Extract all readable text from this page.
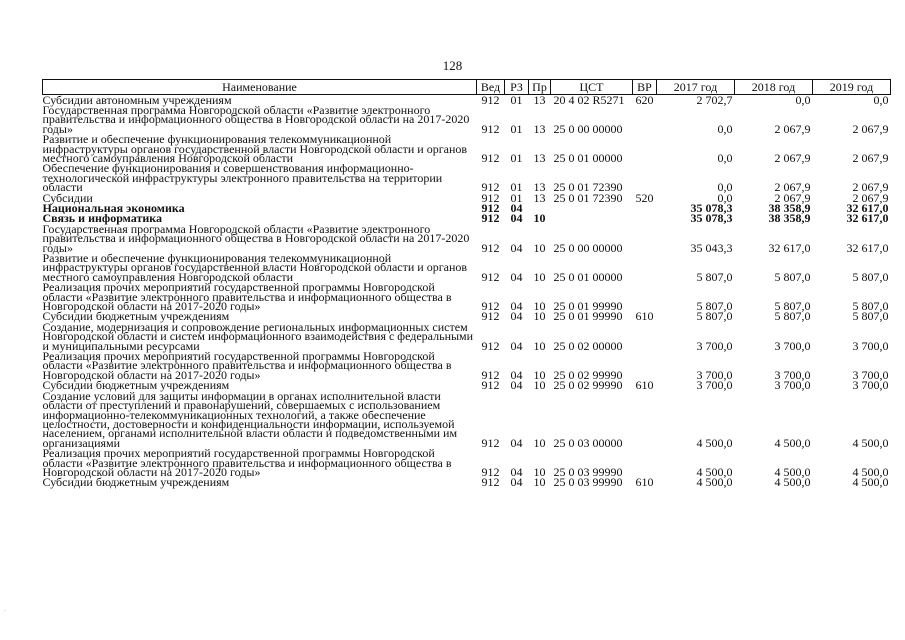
128
Наименование	Вед	РЗ	Пр	ЦСТ	ВР	2017 год	2018 год	2019 год
Субсидии автономным учреждениям	912	01	13	20 4 02 R5271	620	2 702,7	0,0	0,0
Государственная программа Новгородской области «Развитие электронного правительства и информационного общества в Новгородской области на 2017-2020 годы»	912	01	13	25 0 00 00000		0,0	2 067,9	2 067,9
Развитие и обеспечение функционирования телекоммуникационной инфраструктуры органов государственной власти Новгородской области и органов местного самоуправления Новгородской области	912	01	13	25 0 01 00000		0,0	2 067,9	2 067,9
Обеспечение функционирования и совершенствования информационно- технологической инфраструктуры электронного правительства на территории области	912	01	13	25 0 01 72390		0,0	2 067,9	2 067,9
Субсидии	912	01	13	25 0 01 72390	520	0,0	2 067,9	2 067,9
Национальная экономика	912	04				35 078,3	38 358,9	32 617,0
Связь и информатика	912	04	10			35 078,3	38 358,9	32 617,0
Государственная программа Новгородской области «Развитие электронного правительства и информационного общества в Новгородской области на 2017-2020 годы»	912	04	10	25 0 00 00000		35 043,3	32 617,0	32 617,0
Развитие и обеспечение функционирования телекоммуникационной инфраструктуры органов государственной власти Новгородской области и органов местного самоуправления Новгородской области	912	04	10	25 0 01 00000		5 807,0	5 807,0	5 807,0
Реализация прочих мероприятий государственной программы Новгородской области «Развитие электронного правительства и информационного общества в Новгородской области на 2017-2020 годы»	912	04	10	25 0 01 99990		5 807,0	5 807,0	5 807,0
Субсидии бюджетным учреждениям	912	04	10	25 0 01 99990	610	5 807,0	5 807,0	5 807,0
Создание, модернизация и сопровождение региональных информационных систем Новгородской области и систем информационного взаимодействия с федеральными и муниципальными ресурсами	912	04	10	25 0 02 00000		3 700,0	3 700,0	3 700,0
Реализация прочих мероприятий государственной программы Новгородской области «Развитие электронного правительства и информационного общества в Новгородской области на 2017-2020 годы»	912	04	10	25 0 02 99990		3 700,0	3 700,0	3 700,0
Субсидии бюджетным учреждениям	912	04	10	25 0 02 99990	610	3 700,0	3 700,0	3 700,0
Создание условий для защиты информации в органах исполнительной власти области от преступлений и правонарушений, совершаемых с использованием информационно-телекоммуникационных технологий, а также обеспечение целостности, достоверности и конфиденциальности информации, используемой населением, органами исполнительной власти области и подведомственными им организациями	912	04	10	25 0 03 00000		4 500,0	4 500,0	4 500,0
Реализация прочих мероприятий государственной программы Новгородской области «Развитие электронного правительства и информационного общества в Новгородской области на 2017-2020 годы»	912	04	10	25 0 03 99990		4 500,0	4 500,0	4 500,0
Субсидии бюджетным учреждениям	912	04	10	25 0 03 99990	610	4 500,0	4 500,0	4 500,0
.
